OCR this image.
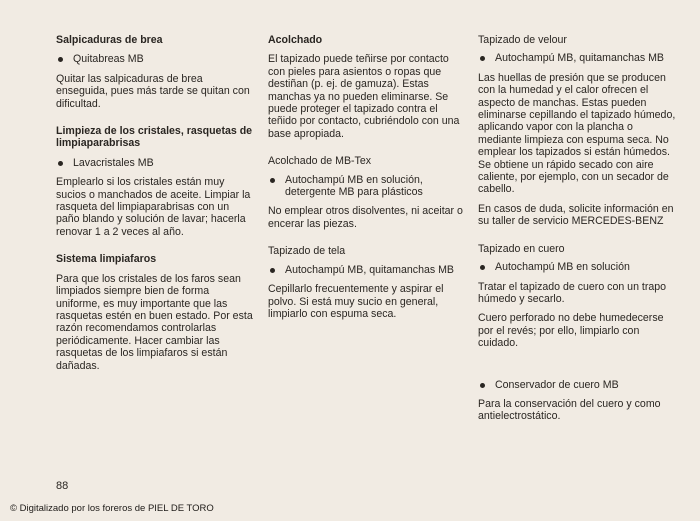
Salpicaduras de brea
Quitabreas MB

Quitar las salpicaduras de brea enseguida, pues más tarde se quitan con dificultad.

Limpieza de los cristales, rasquetas de limpiaparabrisas
Lavacristales MB

Emplearlo si los cristales están muy sucios o manchados de aceite. Limpiar la rasqueta del limpiaparabrisas con un paño blando y solución de lavar; hacerla renovar 1 a 2 veces al año.

Sistema limpiafaros

Para que los cristales de los faros sean limpiados siempre bien de forma uniforme, es muy importante que las rasquetas estén en buen estado. Por esta razón recomendamos controlarlas periódicamente. Hacer cambiar las rasquetas de los limpiafaros si están dañadas.

Acolchado

El tapizado puede teñirse por contacto con pieles para asientos o ropas que destiñan (p. ej. de gamuza). Estas manchas ya no pueden eliminarse. Se puede proteger el tapizado contra el teñido por contacto, cubriéndolo con una base apropiada.

Acolchado de MB-Tex
Autochampú MB en solución, detergente MB para plásticos

No emplear otros disolventes, ni aceitar o encerar las piezas.

Tapizado de tela
Autochampú MB, quitamanchas MB

Cepillarlo frecuentemente y aspirar el polvo. Si está muy sucio en general, limpiarlo con espuma seca.

Tapizado de velour
Autochampú MB, quitamanchas MB

Las huellas de presión que se producen con la humedad y el calor ofrecen el aspecto de manchas. Estas pueden eliminarse cepillando el tapizado húmedo, aplicando vapor con la plancha o mediante limpieza con espuma seca. No emplear los tapizados si están húmedos. Se obtiene un rápido secado con aire caliente, por ejemplo, con un secador de cabello.

En casos de duda, solicite información en su taller de servicio MERCEDES-BENZ

Tapizado en cuero
Autochampú MB en solución

Tratar el tapizado de cuero con un trapo húmedo y secarlo.

Cuero perforado no debe humedecerse por el revés; por ello, limpiarlo con cuidado.

Conservador de cuero MB

Para la conservación del cuero y como antielectrostático.

88
© Digitalizado por los foreros de PIEL DE TORO
